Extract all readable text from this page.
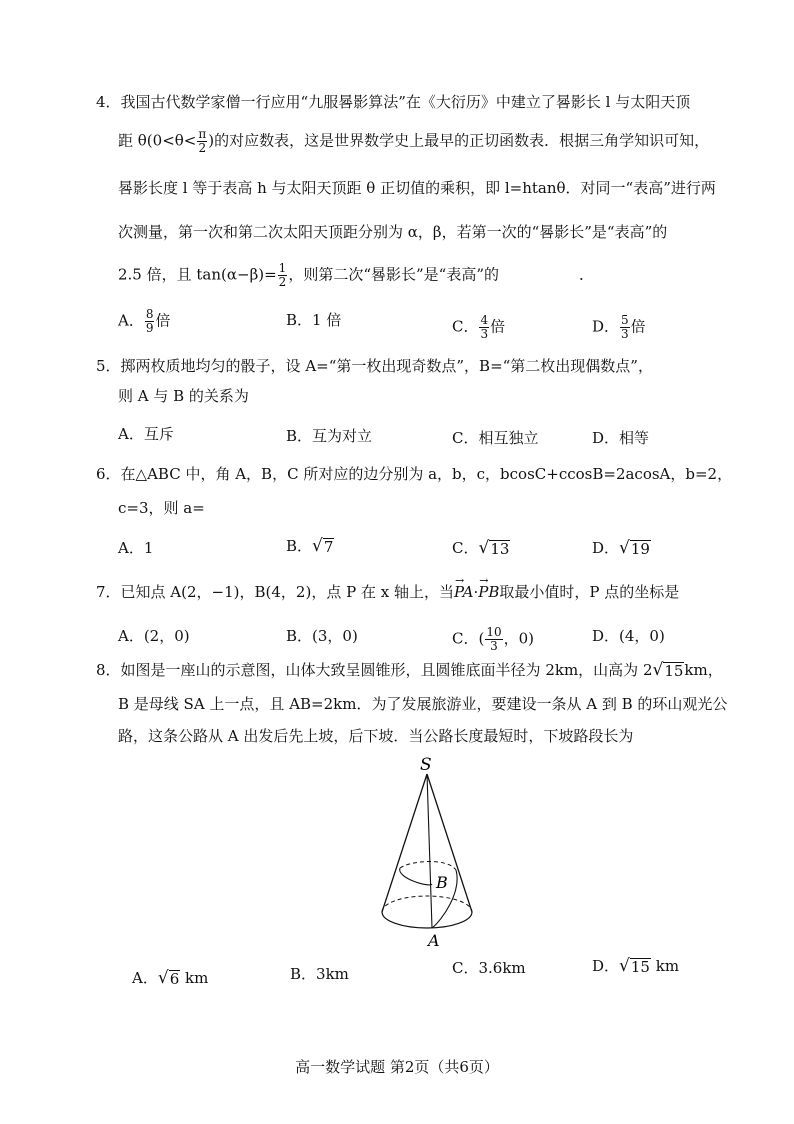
4．我国古代数学家僧一行应用“九服晷影算法”在《大衍历》中建立了晷影长 l 与太阳天顶
距 $\theta(0<\theta< \frac{\pi}{2}$ )的对应数表，这是世界数学史上最早的正切函数表．根据三角学知识可知，
晷影长度 l 等于表高 h 与太阳天顶距 θ 正切值的乘积，即 l=htanθ．对同一“表高”进行两
次测量，第一次和第二次太阳天顶距分别为 α，β，若第一次的“晷影长”是“表高”的
2.5 倍，且 $\tan(\alpha-\beta)= \frac{1}{2}$ ，则第二次“晷影长”是“表高”的	．
A． $\frac{8}{9}$ 倍	B．1 倍	C． $\frac{4}{3}$ 倍	D． $\frac{5}{3}$ 倍
5．掷两枚质地均匀的骰子，设 A=“第一枚出现奇数点”，B=“第二枚出现偶数点”，
则 A 与 B 的关系为
A．互斥	B．互为对立	C．相互独立	D．相等
6．在△ABC 中，角 A，B，C 所对应的边分别为 a，b，c，bcosC+ccosB=2acosA，b=2，
c=3，则 a=
A．1	B． √ 7	C． √ 13	D． √ 19
7．已知点 A(2，−1)，B(4，2)，点 P 在 x 轴上，当→ PA·→ PB取最小值时，P 点的坐标是
A．(2，0)	B．(3，0)	C．( $\frac{10}{3}$ ，0)	D．(4，0)
8．如图是一座山的示意图，山体大致呈圆锥形，且圆锥底面半径为 2km，山高为 2 √ 15 km，
B 是母线 SA 上一点，且 AB=2km．为了发展旅游业，要建设一条从 A 到 B 的环山观光公
路，这条公路从 A 出发后先上坡，后下坡．当公路长度最短时，下坡路段长为
S
B
A
A． √ 6 km	B．3km	C．3.6km	D． √ 15 km
高一数学试题 第2页（共6页）
